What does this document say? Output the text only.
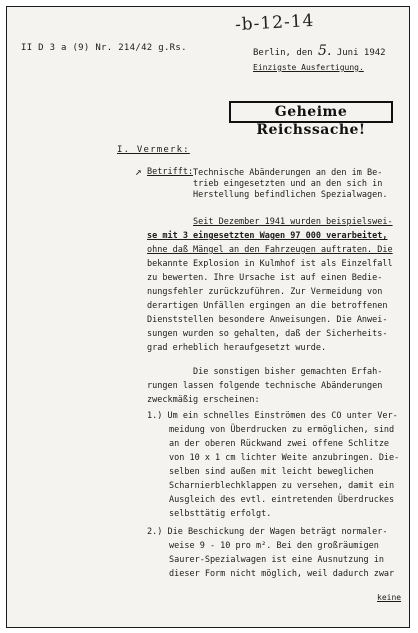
-b-12-14
II D 3 a (9) Nr. 214/42 g.Rs.	Berlin, den 5. Juni 1942
Einzigste Ausfertigung.
Geheime Reichssache!
I. Vermerk:
↗ Betrifft: Technische Abänderungen an den im Be-
trieb eingesetzten und an den sich in
Herstellung befindlichen Spezialwagen.
Seit Dezember 1941 wurden beispielswei-
se mit 3 eingesetzten Wagen 97 000 verarbeitet,
ohne daß Mängel an den Fahrzeugen auftraten. Die
bekannte Explosion in Kulmhof ist als Einzelfall
zu bewerten. Ihre Ursache ist auf einen Bedie-
nungsfehler zurückzuführen. Zur Vermeidung von
derartigen Unfällen ergingen an die betroffenen
Dienststellen besondere Anweisungen. Die Anwei-
sungen wurden so gehalten, daß der Sicherheits-
grad erheblich heraufgesetzt wurde.
Die sonstigen bisher gemachten Erfah-
rungen lassen folgende technische Abänderungen
zweckmäßig erscheinen:
1.) Um ein schnelles Einströmen des CO unter Ver-
meidung von Überdrucken zu ermöglichen, sind
an der oberen Rückwand zwei offene Schlitze
von 10 x 1 cm lichter Weite anzubringen. Die-
selben sind außen mit leicht beweglichen
Scharnierblechklappen zu versehen, damit ein
Ausgleich des evtl. eintretenden Überdruckes
selbsttätig erfolgt.
2.) Die Beschickung der Wagen beträgt normaler-
weise 9 - 10 pro m². Bei den großräumigen
Saurer-Spezialwagen ist eine Ausnutzung in
dieser Form nicht möglich, weil dadurch zwar
keine
